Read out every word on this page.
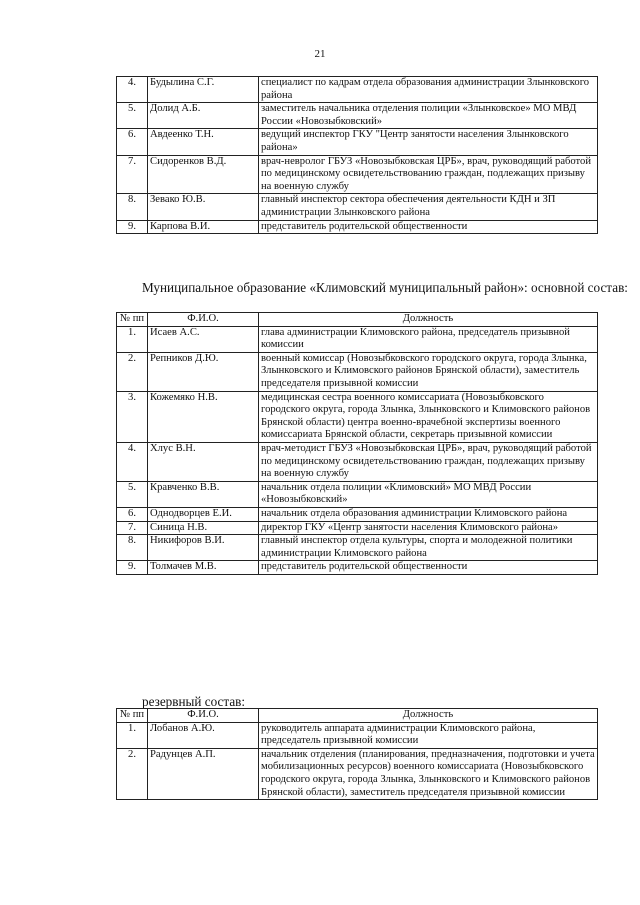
21
4.	Будылина С.Г.	специалист по кадрам отдела образования администрации Злынковского района
5.	Долид А.Б.	заместитель начальника отделения полиции «Злынковское» МО МВД России «Новозыбковский»
6.	Авдеенко Т.Н.	ведущий инспектор ГКУ "Центр занятости населения Злынковского района»
7.	Сидоренков В.Д.	врач-невролог ГБУЗ «Новозыбковская ЦРБ», врач, руководящий работой по медицинскому освидетельствованию граждан, подлежащих призыву на военную службу
8.	Зевако Ю.В.	главный инспектор сектора обеспечения деятельности КДН и ЗП администрации Злынковского района
9.	Карпова В.И.	представитель родительской общественности
Муниципальное образование «Климовский муниципальный район»: основной состав:
№ пп	Ф.И.О.	Должность
1.	Исаев А.С.	глава администрации Климовского района, председатель призывной комиссии
2.	Репников Д.Ю.	военный комиссар (Новозыбковского городского округа, города Злынка, Злынковского и Климовского районов Брянской области), заместитель председателя призывной комиссии
3.	Кожемяко Н.В.	медицинская сестра военного комиссариата (Новозыбковского городского округа, города Злынка, Злынковского и Климовского районов Брянской области) центра военно-врачебной экспертизы военного комиссариата Брянской области, секретарь призывной комиссии
4.	Хлус В.Н.	врач-методист ГБУЗ «Новозыбковская ЦРБ», врач, руководящий работой по медицинскому освидетельствованию граждан, подлежащих призыву на военную службу
5.	Кравченко В.В.	начальник отдела полиции «Климовский» МО МВД России «Новозыбковский»
6.	Однодворцев Е.И.	начальник отдела образования администрации Климовского района
7.	Синица Н.В.	директор ГКУ «Центр занятости населения Климовского района»
8.	Никифоров В.И.	главный инспектор отдела культуры, спорта и молодежной политики администрации Климовского района
9.	Толмачев М.В.	представитель родительской общественности
резервный состав:
№ пп	Ф.И.О.	Должность
1.	Лобанов А.Ю.	руководитель аппарата администрации Климовского района, председатель призывной комиссии
2.	Радунцев А.П.	начальник отделения (планирования, предназначения, подготовки и учета мобилизационных ресурсов) военного комиссариата (Новозыбковского городского округа, города Злынка, Злынковского и Климовского районов Брянской области), заместитель председателя призывной комиссии
